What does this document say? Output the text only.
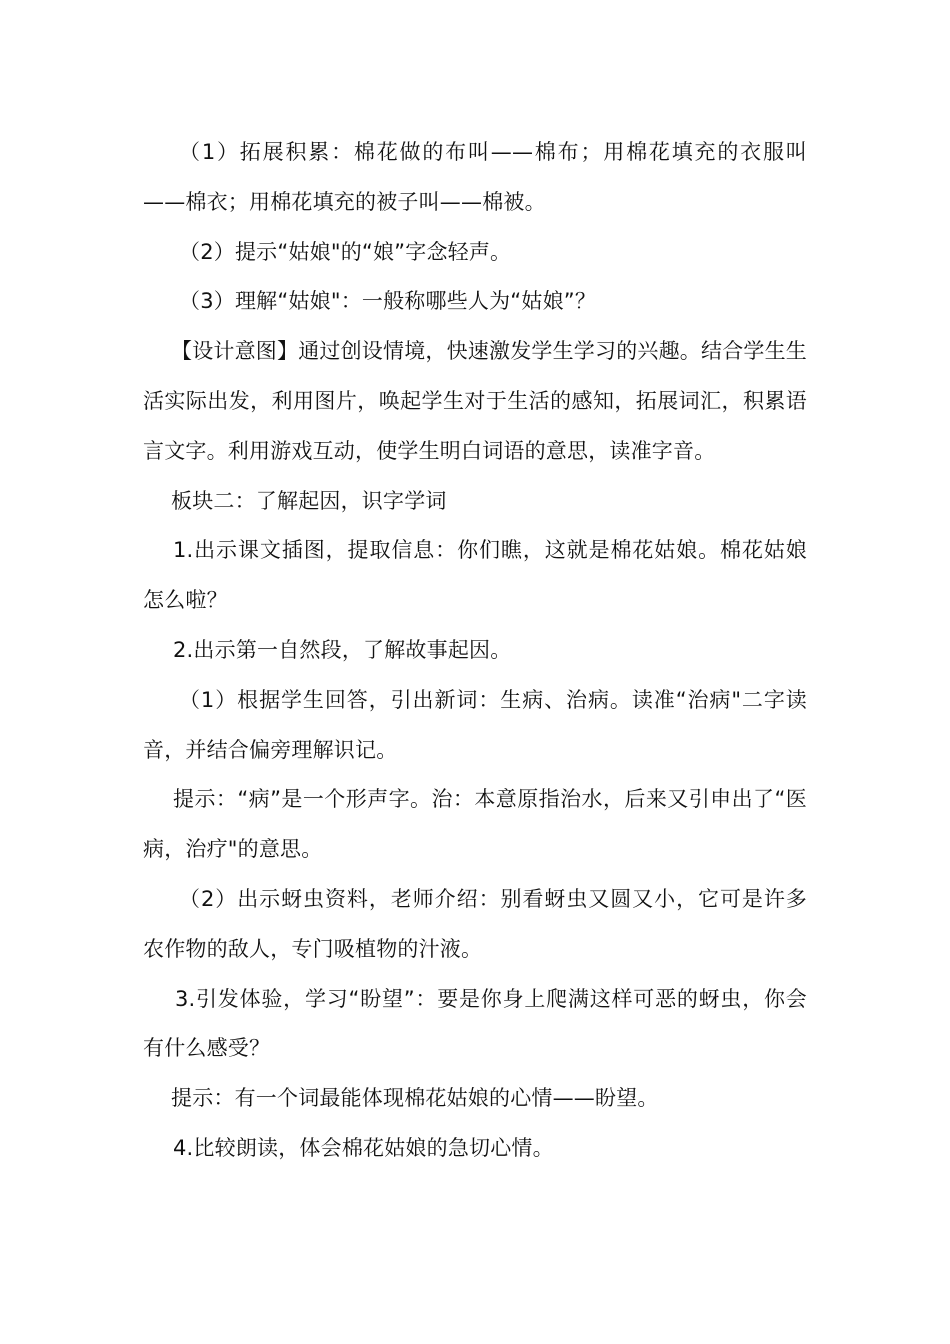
（1）拓展积累：棉花做的布叫——棉布；用棉花填充的衣服叫——棉衣；用棉花填充的被子叫——棉被。

（2）提示“姑娘"的“娘”字念轻声。

（3）理解“姑娘"：一般称哪些人为“姑娘”？

【设计意图】通过创设情境，快速激发学生学习的兴趣。结合学生生活实际出发，利用图片，唤起学生对于生活的感知，拓展词汇，积累语言文字。利用游戏互动，使学生明白词语的意思，读准字音。

板块二：了解起因，识字学词

1.出示课文插图，提取信息：你们瞧，这就是棉花姑娘。棉花姑娘怎么啦？

2.出示第一自然段，了解故事起因。

（1）根据学生回答，引出新词：生病、治病。读准“治病"二字读音，并结合偏旁理解识记。

提示：“病”是一个形声字。治：本意原指治水，后来又引申出了“医病，治疗"的意思。

（2）出示蚜虫资料，老师介绍：别看蚜虫又圆又小，它可是许多农作物的敌人，专门吸植物的汁液。

3.引发体验，学习“盼望”：要是你身上爬满这样可恶的蚜虫，你会有什么感受？

提示：有一个词最能体现棉花姑娘的心情——盼望。

4.比较朗读，体会棉花姑娘的急切心情。
